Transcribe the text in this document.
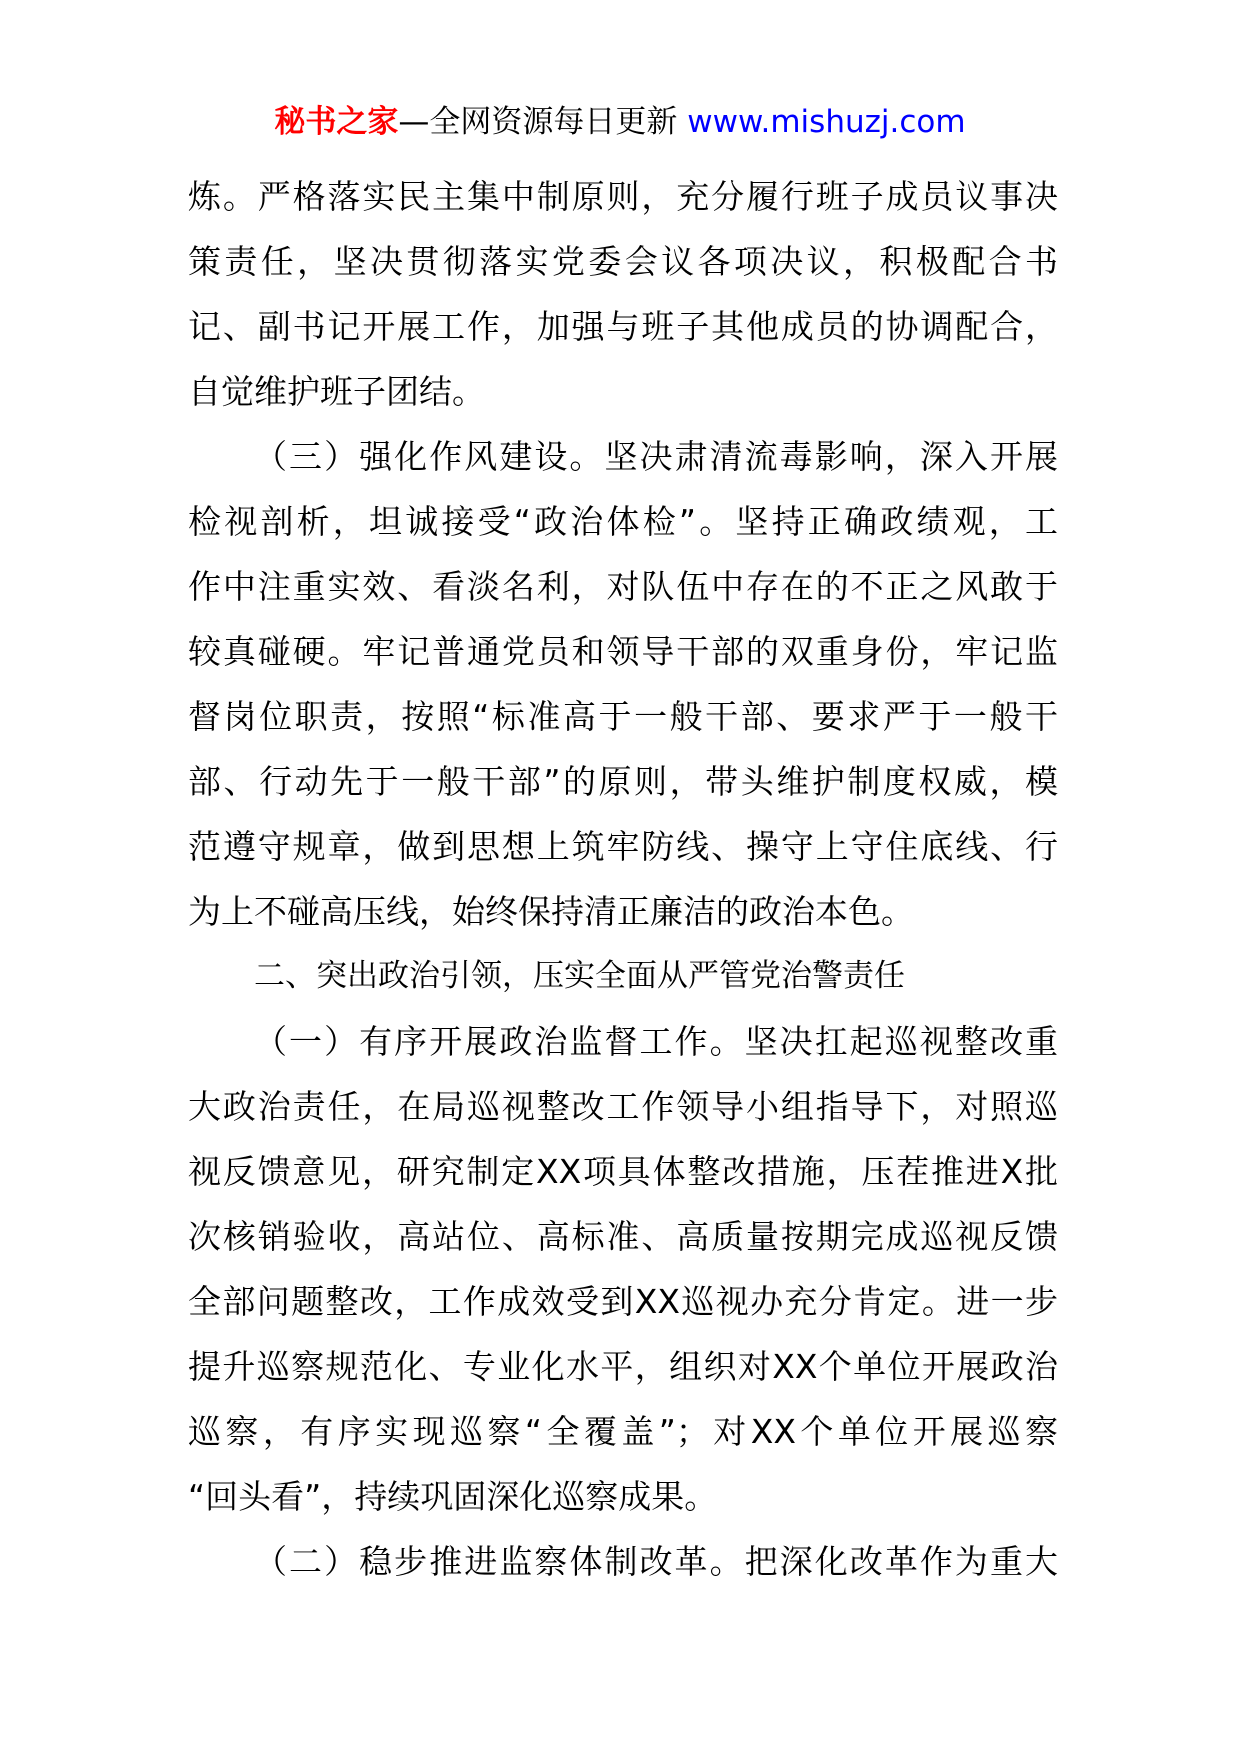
秘书之家—全网资源每日更新 www.mishuzj.com
炼。严格落实民主集中制原则，充分履行班子成员议事决
策责任，坚决贯彻落实党委会议各项决议，积极配合书
记、副书记开展工作，加强与班子其他成员的协调配合，
自觉维护班子团结。
（三）强化作风建设。坚决肃清流毒影响，深入开展
检视剖析，坦诚接受“政治体检”。坚持正确政绩观，工
作中注重实效、看淡名利，对队伍中存在的不正之风敢于
较真碰硬。牢记普通党员和领导干部的双重身份，牢记监
督岗位职责，按照“标准高于一般干部、要求严于一般干
部、行动先于一般干部”的原则，带头维护制度权威，模
范遵守规章，做到思想上筑牢防线、操守上守住底线、行
为上不碰高压线，始终保持清正廉洁的政治本色。
二、突出政治引领，压实全面从严管党治警责任
（一）有序开展政治监督工作。坚决扛起巡视整改重
大政治责任，在局巡视整改工作领导小组指导下，对照巡
视反馈意见，研究制定XX项具体整改措施，压茬推进X批
次核销验收，高站位、高标准、高质量按期完成巡视反馈
全部问题整改，工作成效受到XX巡视办充分肯定。进一步
提升巡察规范化、专业化水平，组织对XX个单位开展政治
巡察，有序实现巡察“全覆盖”；对XX个单位开展巡察
“回头看”，持续巩固深化巡察成果。
（二）稳步推进监察体制改革。把深化改革作为重大
